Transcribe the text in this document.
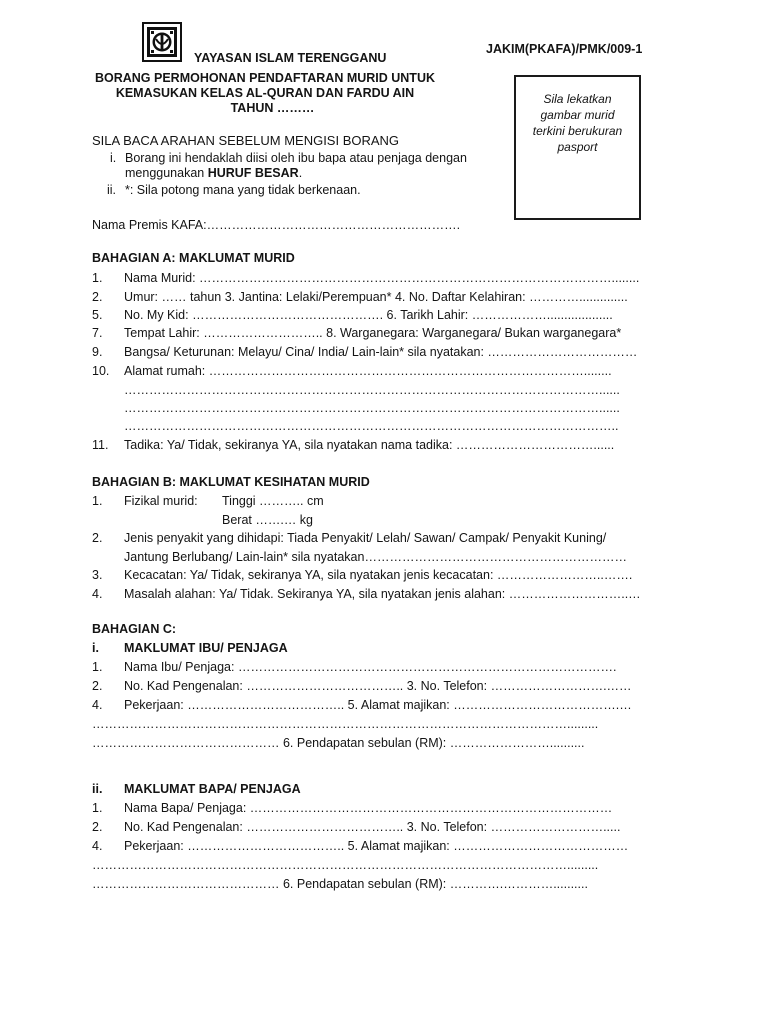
YAYASAN ISLAM TERENGGANU
JAKIM(PKAFA)/PMK/009-1
BORANG PERMOHONAN PENDAFTARAN MURID UNTUK
KEMASUKAN KELAS AL-QURAN DAN FARDU AIN
TAHUN ………
Sila lekatkan
gambar murid
terkini berukuran
pasport
SILA BACA ARAHAN SEBELUM MENGISI BORANG
i. Borang ini hendaklah diisi oleh ibu bapa atau penjaga dengan
menggunakan HURUF BESAR.
ii. *: Sila potong mana yang tidak berkenaan.
Nama Premis KAFA:…………………………………………………….
BAHAGIAN A: MAKLUMAT MURID
1. Nama Murid: ………………………………………………………………………………………........
2. Umur: …… tahun 3. Jantina: Lelaki/Perempuan* 4. No. Daftar Kelahiran: …………..............
5. No. My Kid: ………………………………………. 6. Tarikh Lahir: ………………...................
7. Tempat Lahir: ……………………….. 8. Warganegara: Warganegara/ Bukan warganegara*
9. Bangsa/ Keturunan: Melayu/ Cina/ India/ Lain-lain* sila nyatakan: ………………………………
10. Alamat rumah: ………………………………………………………………………………........
……………………………………………………………………………………………………......
……………………………………………………………………………………………………......
………………………………………………………………………………………………………..
11. Tadika: Ya/ Tidak, sekiranya YA, sila nyatakan nama tadika: ……………………………......
BAHAGIAN B: MAKLUMAT KESIHATAN MURID
1. Fizikal murid: Tinggi ……….. cm
Berat …….… kg
2. Jenis penyakit yang dihidapi: Tiada Penyakit/ Lelah/ Sawan/ Campak/ Penyakit Kuning/
Jantung Berlubang/ Lain-lain* sila nyatakan………………………………………………………
3. Kecacatan: Ya/ Tidak, sekiranya YA, sila nyatakan jenis kecacatan: ……………………..…….
4. Masalah alahan: Ya/ Tidak. Sekiranya YA, sila nyatakan jenis alahan: ………………………..…
BAHAGIAN C:
i. MAKLUMAT IBU/ PENJAGA
1. Nama Ibu/ Penjaga: ……………………………………………………………………………….
2. No. Kad Pengenalan: ……………………………….. 3. No. Telefon: ……………………….……
4. Pekerjaan: ……………………………….. 5. Alamat majikan: ………………………………….…
…………………………………………………………………………………………………….........
……………………………………… 6. Pendapatan sebulan (RM): ……………………..........
ii. MAKLUMAT BAPA/ PENJAGA
1. Nama Bapa/ Penjaga: ……………………………………………………………………………
2. No. Kad Pengenalan: ……………………………….. 3. No. Telefon: ……………………….....
4. Pekerjaan: ……………………………….. 5. Alamat majikan: ……………………………………
…………………………………………………………………………………………………….........
……………………………………… 6. Pendapatan sebulan (RM): ………….…………..........
